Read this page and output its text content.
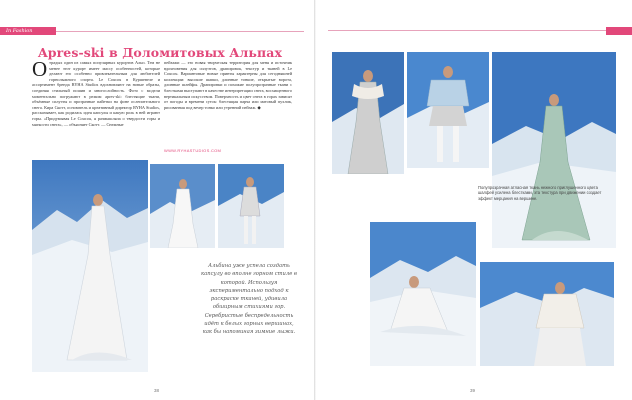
In Fashion
Apres-ski в Доломитовых Альпах
О традых один из самых популярных курортов Альп. Тем не менее этот курорт имеет массу особенностей, которые делают его особенно привлекательным для любителей горнолыжного спорта. Le Coucou в Куршевеле и ассортимент бренда RYHA Studios вдохновляют на новые образы, соединяя стильный пошив и многослойность. Фото с модели моментально погружают в режим apres-ski: блестящие ткани, объёмные силуэты и прозрачные пайетки на фоне ослепительного снега. Кира Скотт, основатель и креативный директор RYHA Studios, рассказывает, как родилась идея капсулы и какую роль в ней играют горы. «Придумывая Le Coucou, я размышляла о твердости горы и мягкости снега», — объясняет Скотт. — Снежные
пейзажи — это новая творческая территория для меня и источник вдохновения для силуэтов, драпировок, текстур и тканей в Le Coucou. Вариантовые новые принты характерны для сегодняшней коллекции: высокие шапки, длинные тонкие, открытые ворота, длинные шлейфы. Драпировки и похожие полупрозрачные ткани с блестками выступают в качестве интерпретации снега, восхищенного вертикальным искусством. Поверхность и цвет снега в горах зависят от погоды и времени суток: блестящая парча или матовый пухлик, рисованная под вечер тонко или утренний пейзаж. ◆
WWW.RYHASTUDIOS.COM
Альбина уже успела создать капсулу во вполне горном стиле в которой. Используя экспериментально подход к раскраске тканей, удивила обширным стихиями гор. Серебристые беспредельность идёт к белых горных вершинах, как бы напоминая зимние лыжи.
38
Полупрозрачная атласная ткань нежного приглушенного цвета шалфей усилена блестками, эта текстура при движении создает эффект мерцания на вершине.
39
